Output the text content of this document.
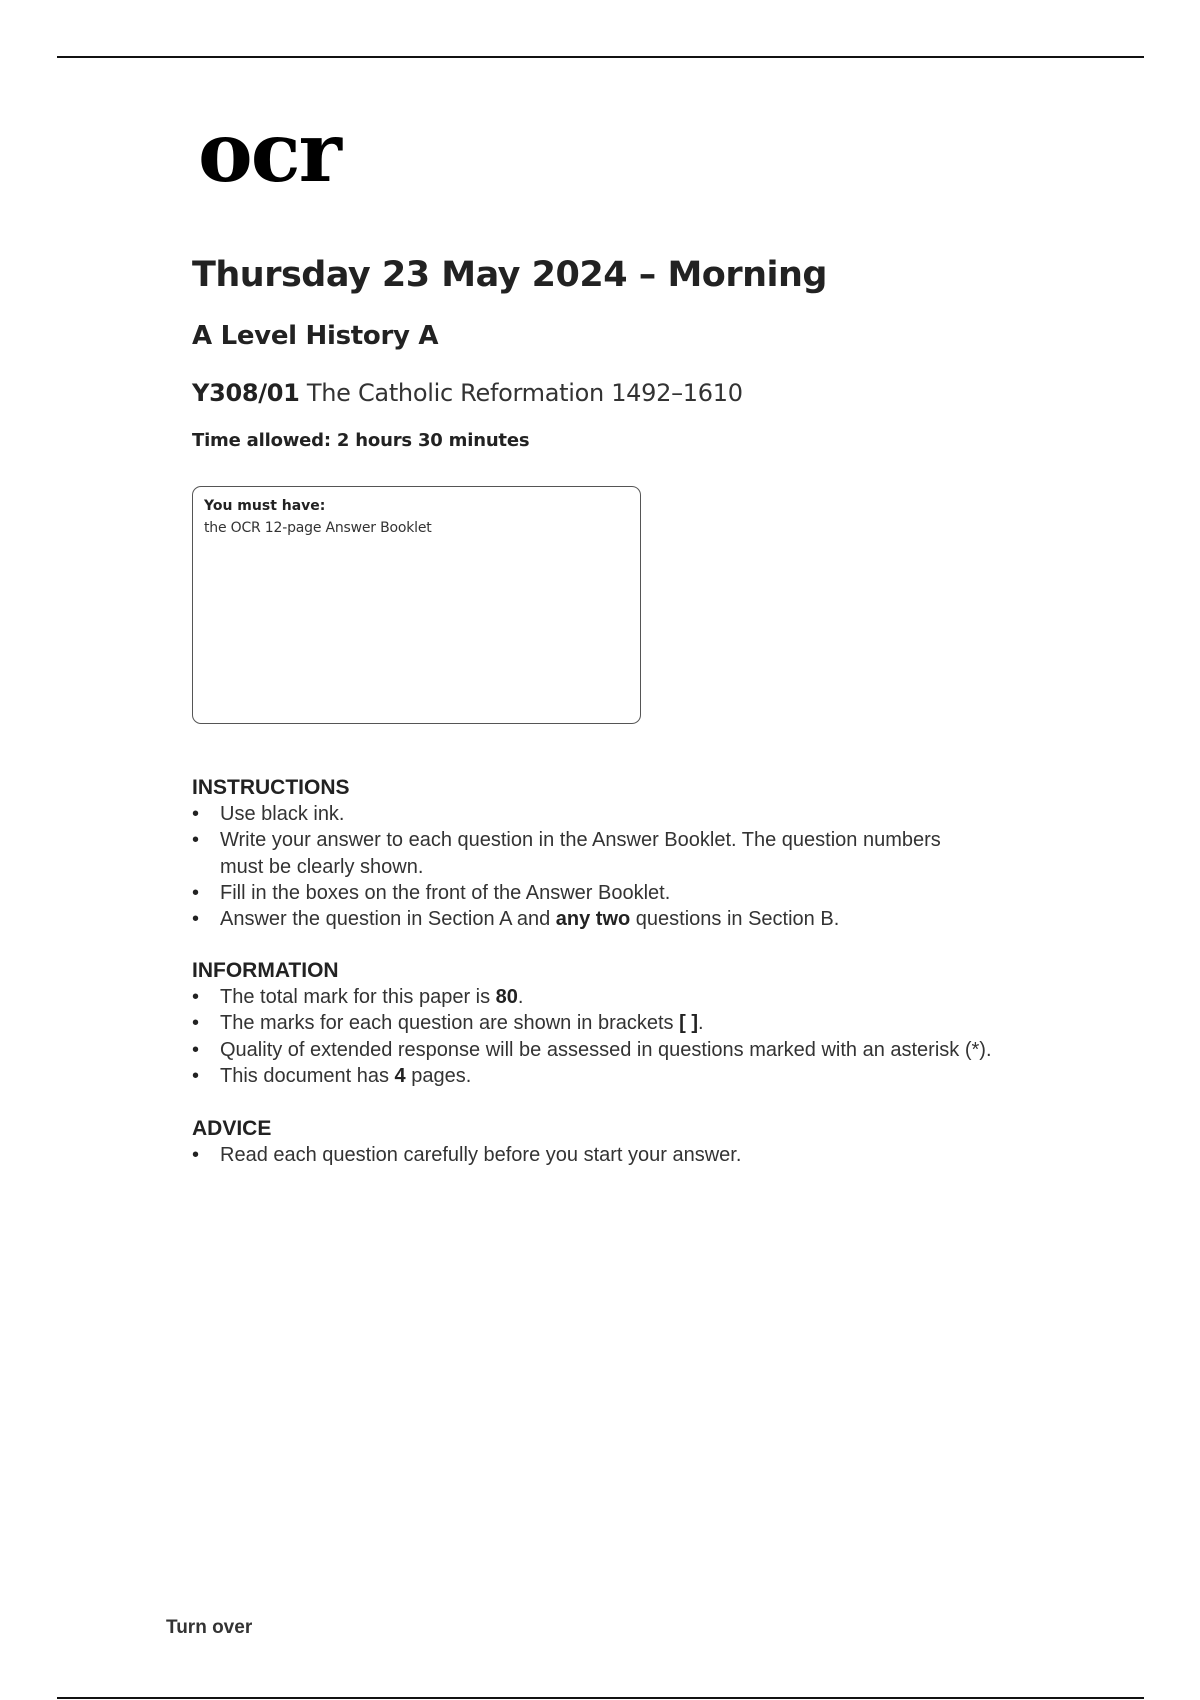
ocr
Thursday 23 May 2024 – Morning
A Level History A
Y308/01 The Catholic Reformation 1492–1610
Time allowed: 2 hours 30 minutes
You must have:
the OCR 12-page Answer Booklet
INSTRUCTIONS
• Use black ink.
• Write your answer to each question in the Answer Booklet. The question numbers
must be clearly shown.
• Fill in the boxes on the front of the Answer Booklet.
• Answer the question in Section A and any two questions in Section B.
INFORMATION
• The total mark for this paper is 80.
• The marks for each question are shown in brackets [ ].
• Quality of extended response will be assessed in questions marked with an asterisk (*).
• This document has 4 pages.
ADVICE
• Read each question carefully before you start your answer.
Turn over
